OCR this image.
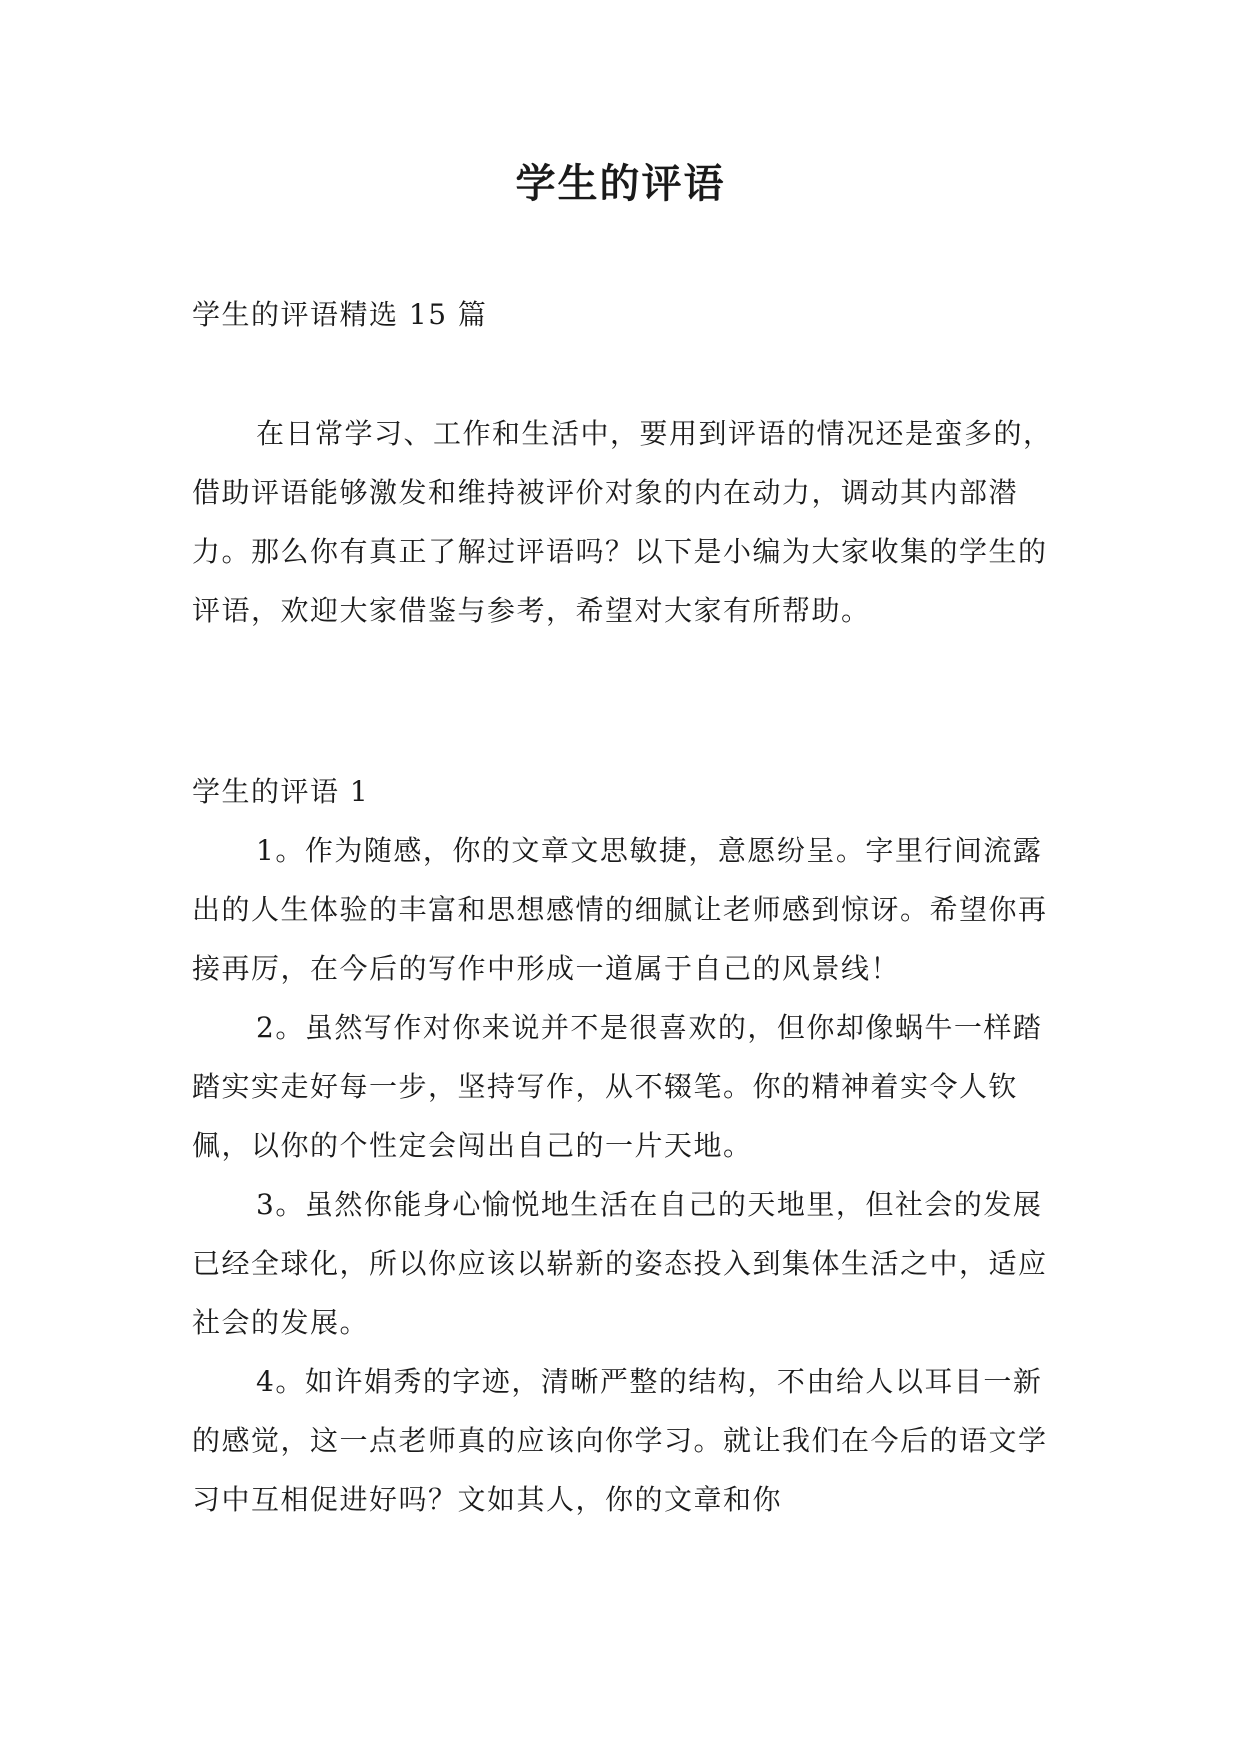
学生的评语

学生的评语精选 15 篇

在日常学习、工作和生活中，要用到评语的情况还是蛮多的，借助评语能够激发和维持被评价对象的内在动力，调动其内部潜力。那么你有真正了解过评语吗？以下是小编为大家收集的学生的评语，欢迎大家借鉴与参考，希望对大家有所帮助。

学生的评语 1

1。作为随感，你的文章文思敏捷，意愿纷呈。字里行间流露出的人生体验的丰富和思想感情的细腻让老师感到惊讶。希望你再接再厉，在今后的写作中形成一道属于自己的风景线！

2。虽然写作对你来说并不是很喜欢的，但你却像蜗牛一样踏踏实实走好每一步，坚持写作，从不辍笔。你的精神着实令人钦佩，以你的个性定会闯出自己的一片天地。

3。虽然你能身心愉悦地生活在自己的天地里，但社会的发展已经全球化，所以你应该以崭新的姿态投入到集体生活之中，适应社会的发展。

4。如许娟秀的字迹，清晰严整的结构，不由给人以耳目一新的感觉，这一点老师真的应该向你学习。就让我们在今后的语文学习中互相促进好吗？文如其人，你的文章和你
